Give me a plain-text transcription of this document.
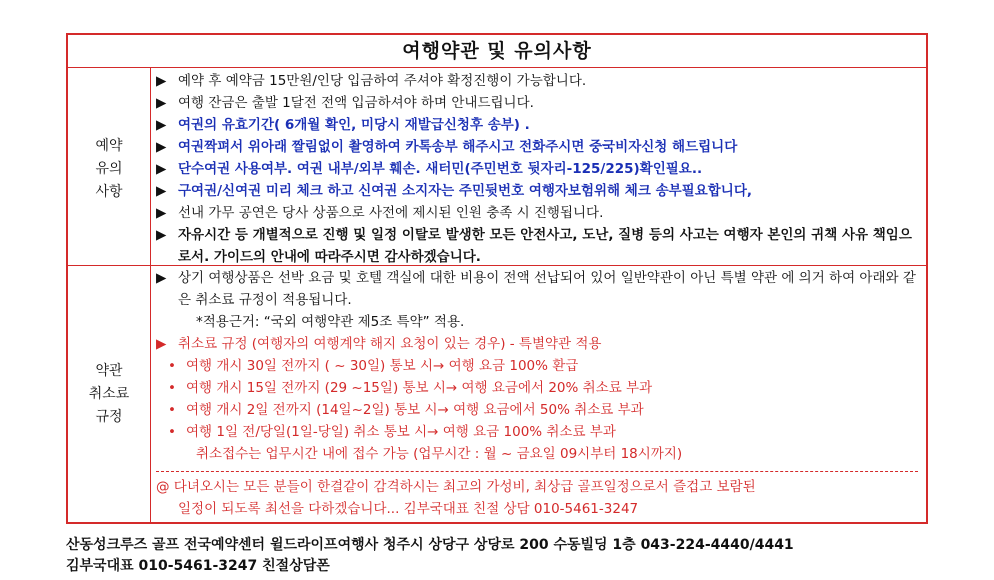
여행약관 및 유의사항
예약
유의
사항
▶ 예약 후 예약금 15만원/인당 입금하여 주셔야 확정진행이 가능합니다.
▶ 여행 잔금은 출발 1달전 전액 입금하셔야 하며 안내드립니다.
▶ 여권의 유효기간( 6개월 확인, 미당시 재발급신청후 송부) .
▶ 여권짝펴서 위아래 짤림없이 촬영하여 카톡송부 해주시고 전화주시면 중국비자신청 해드립니다
▶ 단수여권 사용여부. 여권 내부/외부 훼손. 새터민(주민번호 뒷자리-125/225)확인필요..
▶ 구여권/신여권 미리 체크 하고 신여권 소지자는 주민뒷번호 여행자보험위해 체크 송부필요합니다,
▶ 선내 가무 공연은 당사 상품으로 사전에 제시된 인원 충족 시 진행됩니다.
▶ 자유시간 등 개별적으로 진행 및 일정 이탈로 발생한 모든 안전사고, 도난, 질병 등의 사고는 여행자 본인의 귀책 사유 책임으로서. 가이드의 안내에 따라주시면 감사하겠습니다.
약관
취소료
규정
▶ 상기 여행상품은 선박 요금 및 호텔 객실에 대한 비용이 전액 선납되어 있어 일반약관이 아닌 특별 약관 에 의거 하여 아래와 같은 취소료 규정이 적용됩니다.
*적용근거: “국외 여행약관 제5조 특약” 적용.
▶ 취소료 규정 (여행자의 여행계약 해지 요청이 있는 경우) - 특별약관 적용
• 여행 개시 30일 전까지 ( ~ 30일) 통보 시→ 여행 요금 100% 환급
• 여행 개시 15일 전까지 (29 ~15일) 통보 시→ 여행 요금에서 20% 취소료 부과
• 여행 개시 2일 전까지 (14일~2일) 통보 시→ 여행 요금에서 50% 취소료 부과
• 여행 1일 전/당일(1일-당일) 취소 통보 시→ 여행 요금 100% 취소료 부과
취소접수는 업무시간 내에 접수 가능 (업무시간 : 월 ~ 금요일 09시부터 18시까지)
@ 다녀오시는 모든 분들이 한결같이 감격하시는 최고의 가성비, 최상급 골프일정으로서 즐겁고 보람된
일정이 되도록 최선을 다하겠습니다... 김부국대표 친절 상담 010-5461-3247
산동성크루즈 골프 전국예약센터 윌드라이프여행사 청주시 상당구 상당로 200 수동빌딩 1층 043-224-4440/4441
김부국대표 010-5461-3247 친절상담폰
